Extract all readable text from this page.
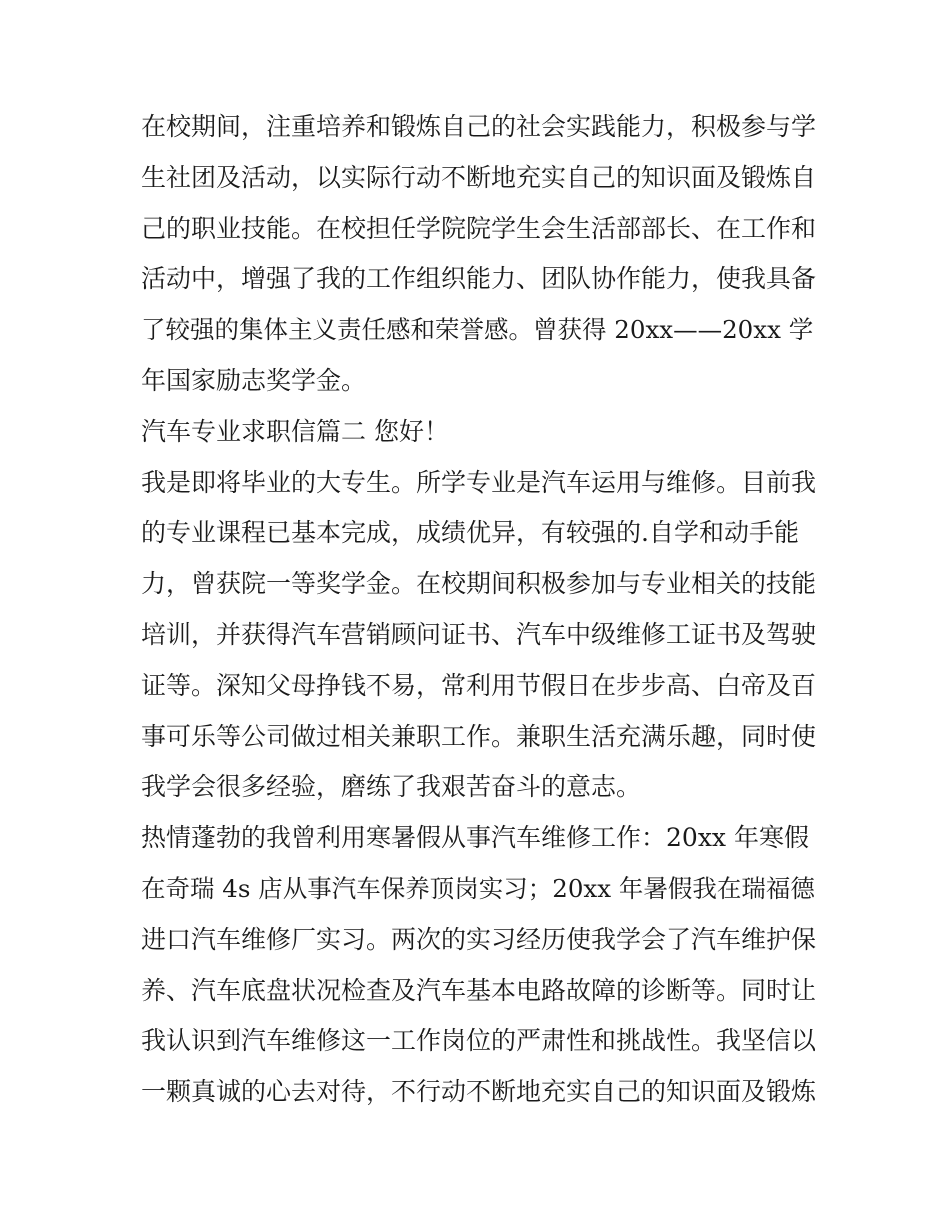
在校期间，注重培养和锻炼自己的社会实践能力，积极参与学
生社团及活动，以实际行动不断地充实自己的知识面及锻炼自
己的职业技能。在校担任学院院学生会生活部部长、在工作和
活动中，增强了我的工作组织能力、团队协作能力，使我具备
了较强的集体主义责任感和荣誉感。曾获得 20xx——20xx 学
年国家励志奖学金。
汽车专业求职信篇二 您好！
我是即将毕业的大专生。所学专业是汽车运用与维修。目前我
的专业课程已基本完成，成绩优异，有较强的.自学和动手能
力，曾获院一等奖学金。在校期间积极参加与专业相关的技能
培训，并获得汽车营销顾问证书、汽车中级维修工证书及驾驶
证等。深知父母挣钱不易，常利用节假日在步步高、白帝及百
事可乐等公司做过相关兼职工作。兼职生活充满乐趣，同时使
我学会很多经验，磨练了我艰苦奋斗的意志。
热情蓬勃的我曾利用寒暑假从事汽车维修工作：20xx 年寒假
在奇瑞 4s 店从事汽车保养顶岗实习；20xx 年暑假我在瑞福德
进口汽车维修厂实习。两次的实习经历使我学会了汽车维护保
养、汽车底盘状况检查及汽车基本电路故障的诊断等。同时让
我认识到汽车维修这一工作岗位的严肃性和挑战性。我坚信以
一颗真诚的心去对待，不行动不断地充实自己的知识面及锻炼
